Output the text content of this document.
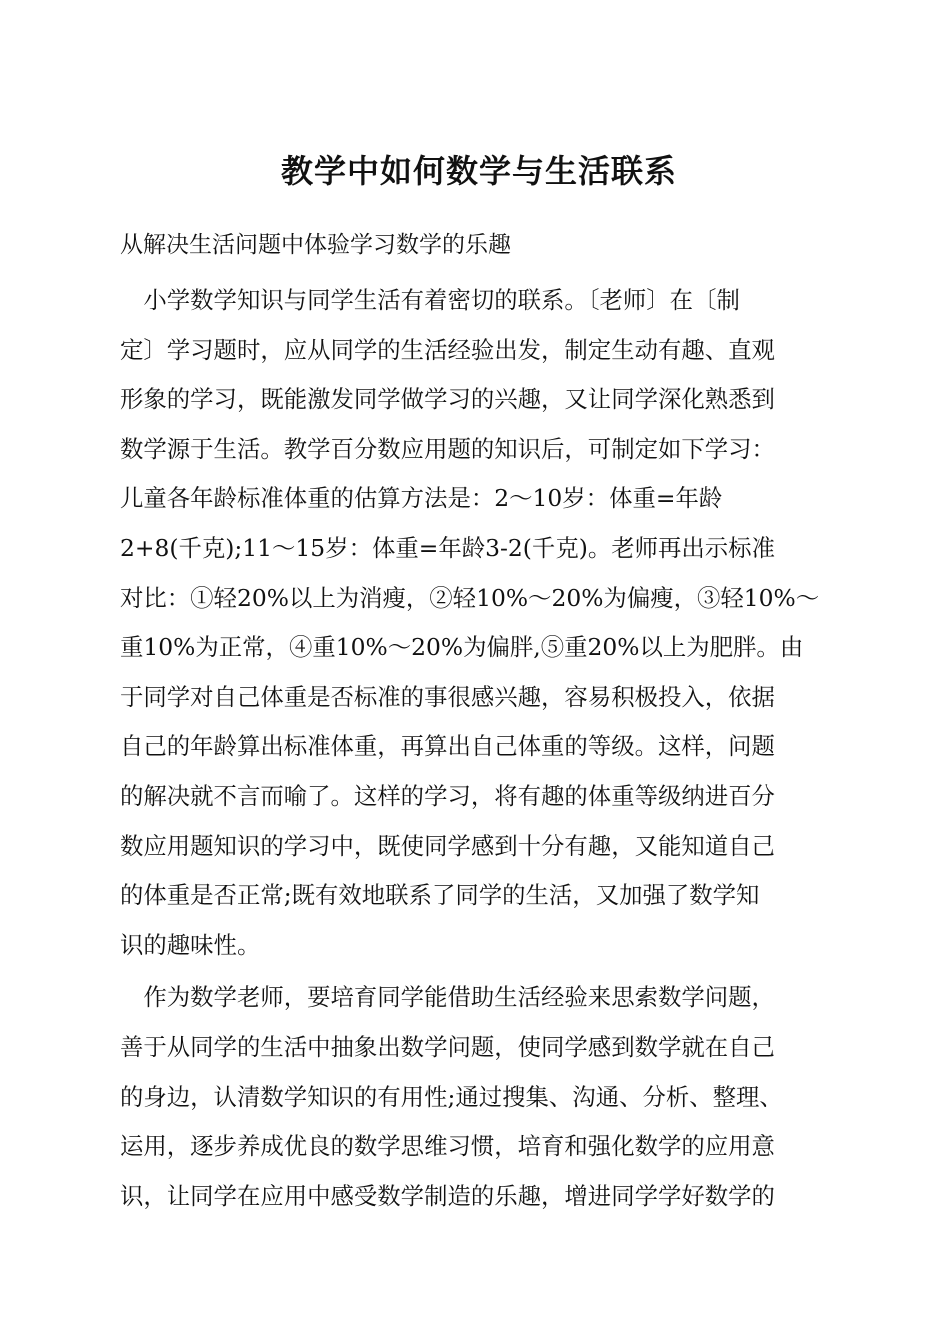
教学中如何数学与生活联系
从解决生活问题中体验学习数学的乐趣
　小学数学知识与同学生活有着密切的联系。〔老师〕在〔制
定〕学习题时，应从同学的生活经验出发，制定生动有趣、直观
形象的学习，既能激发同学做学习的兴趣，又让同学深化熟悉到
数学源于生活。教学百分数应用题的知识后，可制定如下学习：
儿童各年龄标准体重的估算方法是：2～10岁：体重=年龄
2+8(千克);11～15岁：体重=年龄3-2(千克)。老师再出示标准
对比：①轻20%以上为消瘦，②轻10%～20%为偏瘦，③轻10%～
重10%为正常，④重10%～20%为偏胖,⑤重20%以上为肥胖。由
于同学对自己体重是否标准的事很感兴趣，容易积极投入，依据
自己的年龄算出标准体重，再算出自己体重的等级。这样，问题
的解决就不言而喻了。这样的学习，将有趣的体重等级纳进百分
数应用题知识的学习中，既使同学感到十分有趣，又能知道自己
的体重是否正常;既有效地联系了同学的生活，又加强了数学知
识的趣味性。
　作为数学老师，要培育同学能借助生活经验来思索数学问题，
善于从同学的生活中抽象出数学问题，使同学感到数学就在自己
的身边，认清数学知识的有用性;通过搜集、沟通、分析、整理、
运用，逐步养成优良的数学思维习惯，培育和强化数学的应用意
识，让同学在应用中感受数学制造的乐趣，增进同学学好数学的
